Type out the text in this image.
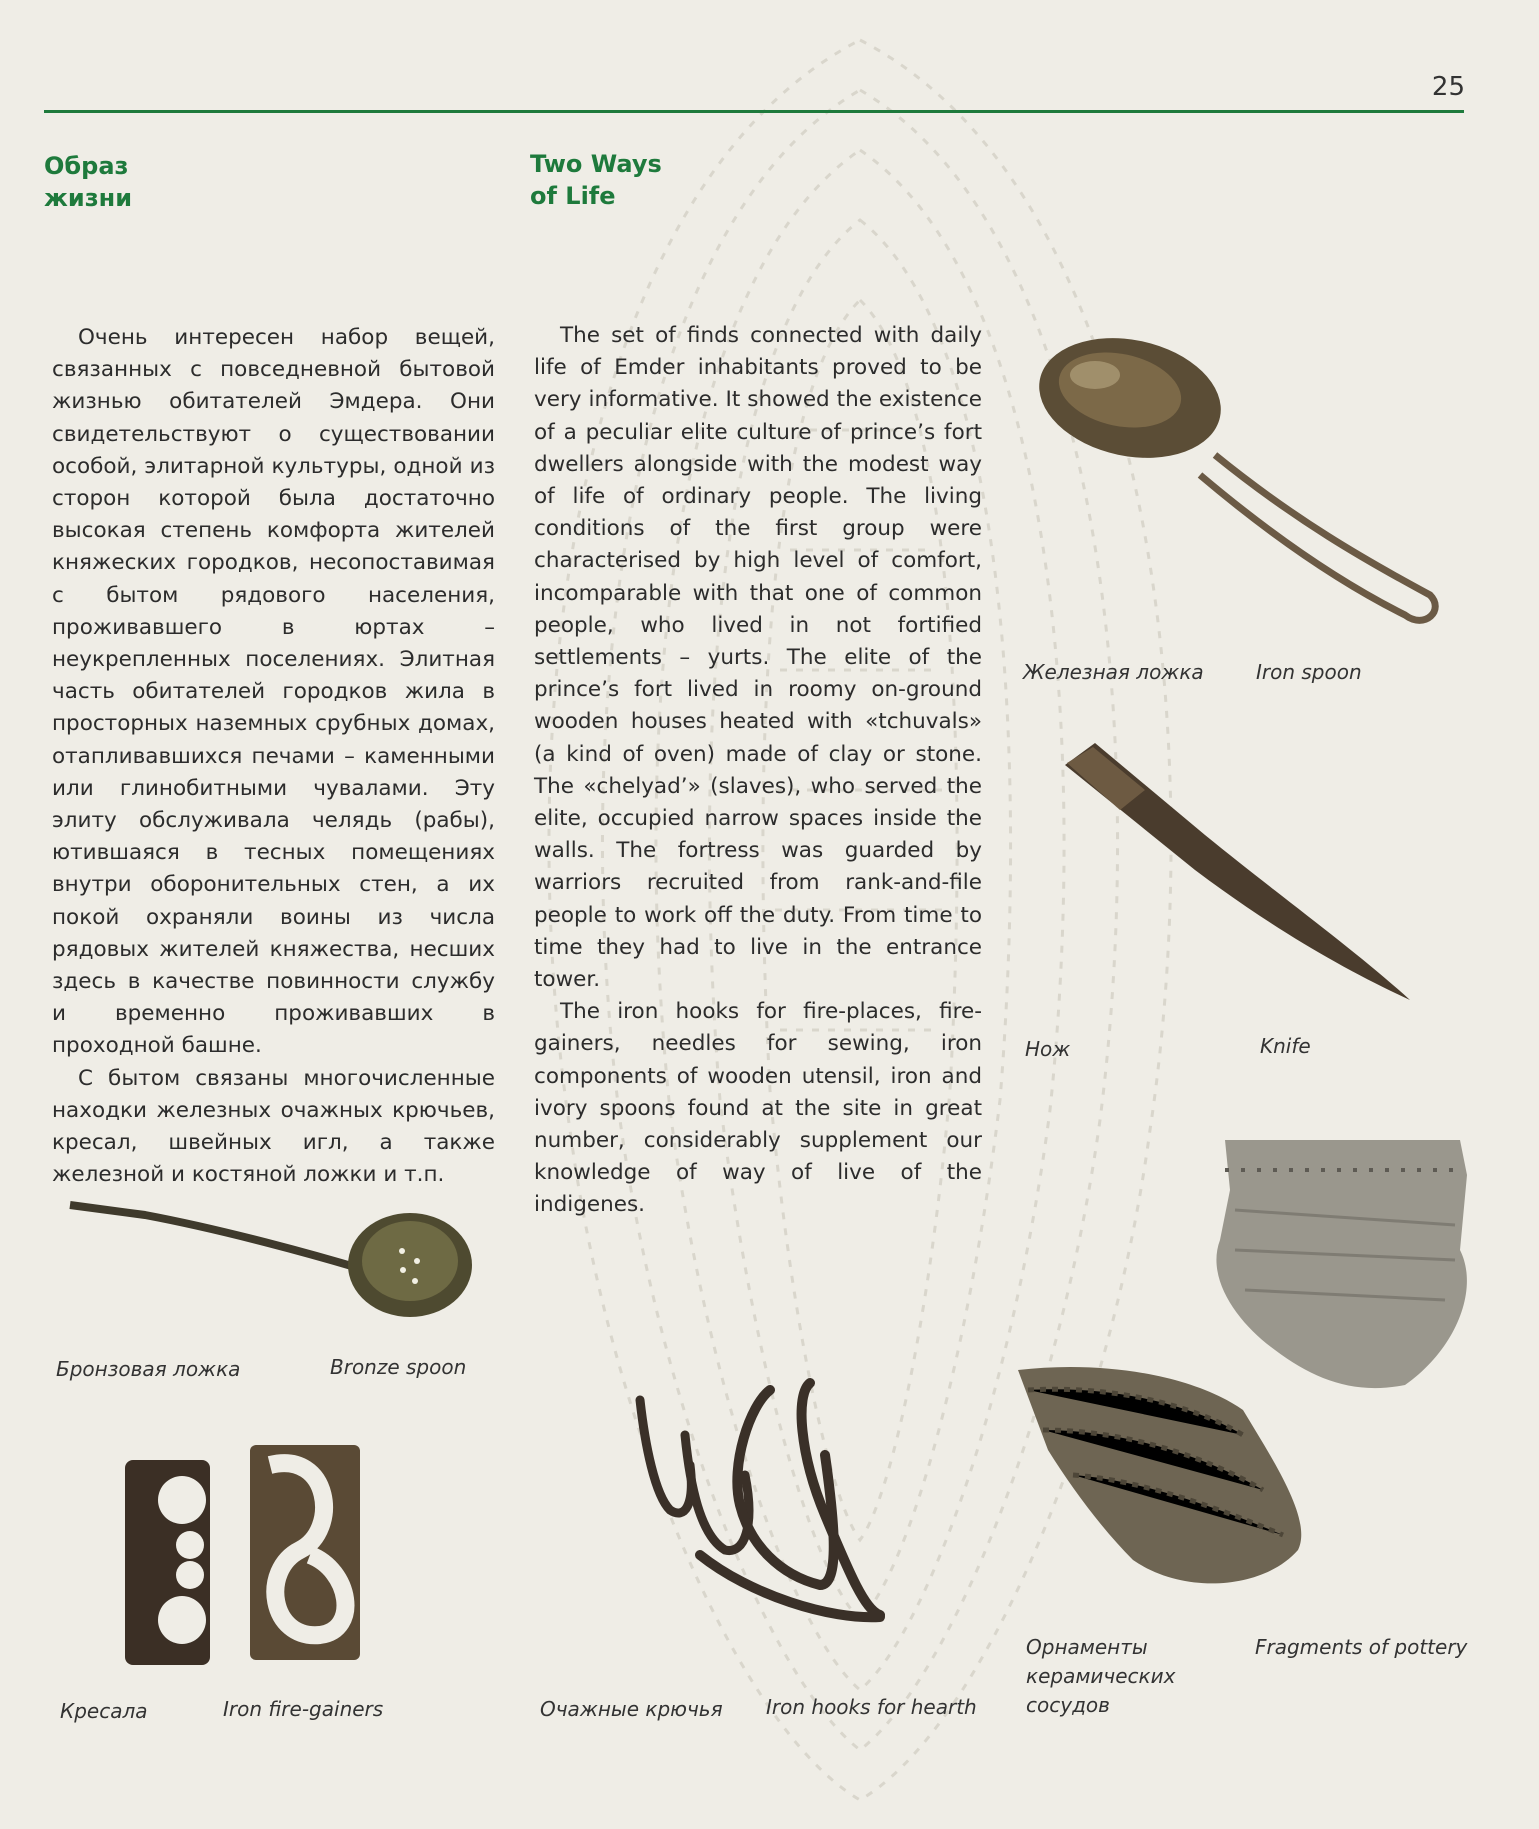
25
Образ
жизни
Two Ways
of Life

Очень интересен набор вещей, связанных с повседневной бытовой жизнью обитателей Эмдера. Они свидетельствуют о существовании особой, элитарной культуры, одной из сторон которой была достаточно высокая степень комфорта жителей княжеских городков, несопоставимая с бытом рядового населения, проживавшего в юртах – неукрепленных поселениях. Элитная часть обитателей городков жила в просторных наземных срубных домах, отапливавшихся печами – каменными или глинобитными чувалами. Эту элиту обслуживала челядь (рабы), ютившаяся в тесных помещениях внутри оборонительных стен, а их покой охраняли воины из числа рядовых жителей княжества, несших здесь в качестве повинности службу и временно проживавших в проходной башне.

С бытом связаны многочисленные находки железных очажных крючьев, кресал, швейных игл, а также железной и костяной ложки и т.п.

The set of finds connected with daily life of Emder inhabitants proved to be very informative. It showed the existence of a peculiar elite culture of prince’s fort dwellers alongside with the modest way of life of ordinary people. The living conditions of the first group were characterised by high level of comfort, incomparable with that one of common people, who lived in not fortified settlements – yurts. The elite of the prince’s fort lived in roomy on-ground wooden houses heated with «tchuvals» (a kind of oven) made of clay or stone. The «chelyad’» (slaves), who served the elite, occupied narrow spaces inside the walls. The fortress was guarded by warriors recruited from rank-and-file people to work off the duty. From time to time they had to live in the entrance tower.

The iron hooks for fire-places, fire-gainers, needles for sewing, iron components of wooden utensil, iron and ivory spoons found at the site in great number, considerably supplement our knowledge of way of live of the indigenes.

Железная ложка	Iron spoon
Нож	Knife
Орнаменты
керамических
сосудов
Fragments of pottery
Бронзовая ложка	Bronze spoon
Кресала	Iron fire-gainers	Очажные крючья Iron hooks for hearth
